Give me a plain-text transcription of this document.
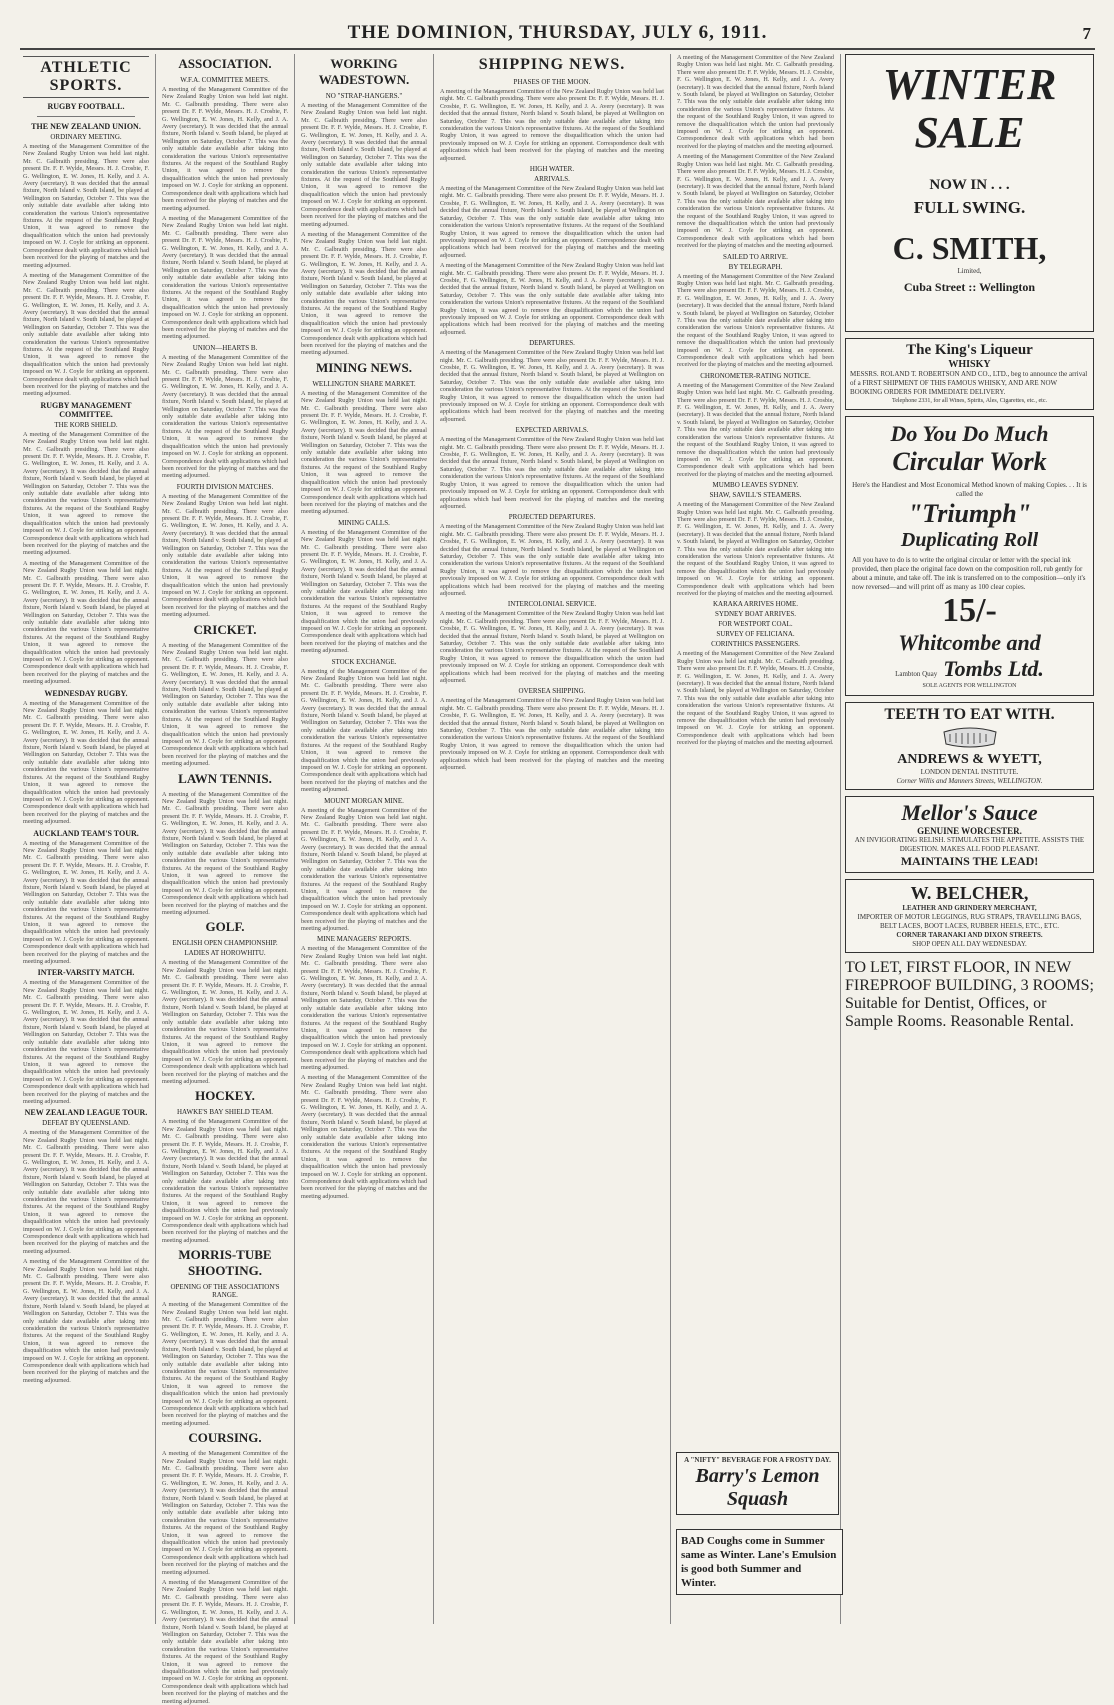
THE DOMINION, THURSDAY, JULY 6, 1911.	7
ATHLETIC SPORTS.
RUGBY FOOTBALL.
THE NEW ZEALAND UNION.
ORDINARY MEETING.

A meeting of the Management Committee of the New Zealand Rugby Union was held last night. Mr. C. Galbraith presiding. There were also present Dr. F. F. Wylde, Messrs. H. J. Crosbie, F. G. Wellington, E. W. Jones, H. Kelly, and J. A. Avery (secretary). It was decided that the annual fixture, North Island v. South Island, be played at Wellington on Saturday, October 7. This was the only suitable date available after taking into consideration the various Union's representative fixtures. At the request of the Southland Rugby Union, it was agreed to remove the disqualification which the union had previously imposed on W. J. Coyle for striking an opponent. Correspondence dealt with applications which had been received for the playing of matches and the meeting adjourned.

A meeting of the Management Committee of the New Zealand Rugby Union was held last night. Mr. C. Galbraith presiding. There were also present Dr. F. F. Wylde, Messrs. H. J. Crosbie, F. G. Wellington, E. W. Jones, H. Kelly, and J. A. Avery (secretary). It was decided that the annual fixture, North Island v. South Island, be played at Wellington on Saturday, October 7. This was the only suitable date available after taking into consideration the various Union's representative fixtures. At the request of the Southland Rugby Union, it was agreed to remove the disqualification which the union had previously imposed on W. J. Coyle for striking an opponent. Correspondence dealt with applications which had been received for the playing of matches and the meeting adjourned.

RUGBY MANAGEMENT COMMITTEE.
THE KORB SHIELD.

A meeting of the Management Committee of the New Zealand Rugby Union was held last night. Mr. C. Galbraith presiding. There were also present Dr. F. F. Wylde, Messrs. H. J. Crosbie, F. G. Wellington, E. W. Jones, H. Kelly, and J. A. Avery (secretary). It was decided that the annual fixture, North Island v. South Island, be played at Wellington on Saturday, October 7. This was the only suitable date available after taking into consideration the various Union's representative fixtures. At the request of the Southland Rugby Union, it was agreed to remove the disqualification which the union had previously imposed on W. J. Coyle for striking an opponent. Correspondence dealt with applications which had been received for the playing of matches and the meeting adjourned.

A meeting of the Management Committee of the New Zealand Rugby Union was held last night. Mr. C. Galbraith presiding. There were also present Dr. F. F. Wylde, Messrs. H. J. Crosbie, F. G. Wellington, E. W. Jones, H. Kelly, and J. A. Avery (secretary). It was decided that the annual fixture, North Island v. South Island, be played at Wellington on Saturday, October 7. This was the only suitable date available after taking into consideration the various Union's representative fixtures. At the request of the Southland Rugby Union, it was agreed to remove the disqualification which the union had previously imposed on W. J. Coyle for striking an opponent. Correspondence dealt with applications which had been received for the playing of matches and the meeting adjourned.

WEDNESDAY RUGBY.

A meeting of the Management Committee of the New Zealand Rugby Union was held last night. Mr. C. Galbraith presiding. There were also present Dr. F. F. Wylde, Messrs. H. J. Crosbie, F. G. Wellington, E. W. Jones, H. Kelly, and J. A. Avery (secretary). It was decided that the annual fixture, North Island v. South Island, be played at Wellington on Saturday, October 7. This was the only suitable date available after taking into consideration the various Union's representative fixtures. At the request of the Southland Rugby Union, it was agreed to remove the disqualification which the union had previously imposed on W. J. Coyle for striking an opponent. Correspondence dealt with applications which had been received for the playing of matches and the meeting adjourned.

AUCKLAND TEAM'S TOUR.

A meeting of the Management Committee of the New Zealand Rugby Union was held last night. Mr. C. Galbraith presiding. There were also present Dr. F. F. Wylde, Messrs. H. J. Crosbie, F. G. Wellington, E. W. Jones, H. Kelly, and J. A. Avery (secretary). It was decided that the annual fixture, North Island v. South Island, be played at Wellington on Saturday, October 7. This was the only suitable date available after taking into consideration the various Union's representative fixtures. At the request of the Southland Rugby Union, it was agreed to remove the disqualification which the union had previously imposed on W. J. Coyle for striking an opponent. Correspondence dealt with applications which had been received for the playing of matches and the meeting adjourned.

INTER-VARSITY MATCH.

A meeting of the Management Committee of the New Zealand Rugby Union was held last night. Mr. C. Galbraith presiding. There were also present Dr. F. F. Wylde, Messrs. H. J. Crosbie, F. G. Wellington, E. W. Jones, H. Kelly, and J. A. Avery (secretary). It was decided that the annual fixture, North Island v. South Island, be played at Wellington on Saturday, October 7. This was the only suitable date available after taking into consideration the various Union's representative fixtures. At the request of the Southland Rugby Union, it was agreed to remove the disqualification which the union had previously imposed on W. J. Coyle for striking an opponent. Correspondence dealt with applications which had been received for the playing of matches and the meeting adjourned.

NEW ZEALAND LEAGUE TOUR.
DEFEAT BY QUEENSLAND.

A meeting of the Management Committee of the New Zealand Rugby Union was held last night. Mr. C. Galbraith presiding. There were also present Dr. F. F. Wylde, Messrs. H. J. Crosbie, F. G. Wellington, E. W. Jones, H. Kelly, and J. A. Avery (secretary). It was decided that the annual fixture, North Island v. South Island, be played at Wellington on Saturday, October 7. This was the only suitable date available after taking into consideration the various Union's representative fixtures. At the request of the Southland Rugby Union, it was agreed to remove the disqualification which the union had previously imposed on W. J. Coyle for striking an opponent. Correspondence dealt with applications which had been received for the playing of matches and the meeting adjourned.

A meeting of the Management Committee of the New Zealand Rugby Union was held last night. Mr. C. Galbraith presiding. There were also present Dr. F. F. Wylde, Messrs. H. J. Crosbie, F. G. Wellington, E. W. Jones, H. Kelly, and J. A. Avery (secretary). It was decided that the annual fixture, North Island v. South Island, be played at Wellington on Saturday, October 7. This was the only suitable date available after taking into consideration the various Union's representative fixtures. At the request of the Southland Rugby Union, it was agreed to remove the disqualification which the union had previously imposed on W. J. Coyle for striking an opponent. Correspondence dealt with applications which had been received for the playing of matches and the meeting adjourned.

ASSOCIATION.
W.F.A. COMMITTEE MEETS.

A meeting of the Management Committee of the New Zealand Rugby Union was held last night. Mr. C. Galbraith presiding. There were also present Dr. F. F. Wylde, Messrs. H. J. Crosbie, F. G. Wellington, E. W. Jones, H. Kelly, and J. A. Avery (secretary). It was decided that the annual fixture, North Island v. South Island, be played at Wellington on Saturday, October 7. This was the only suitable date available after taking into consideration the various Union's representative fixtures. At the request of the Southland Rugby Union, it was agreed to remove the disqualification which the union had previously imposed on W. J. Coyle for striking an opponent. Correspondence dealt with applications which had been received for the playing of matches and the meeting adjourned.

A meeting of the Management Committee of the New Zealand Rugby Union was held last night. Mr. C. Galbraith presiding. There were also present Dr. F. F. Wylde, Messrs. H. J. Crosbie, F. G. Wellington, E. W. Jones, H. Kelly, and J. A. Avery (secretary). It was decided that the annual fixture, North Island v. South Island, be played at Wellington on Saturday, October 7. This was the only suitable date available after taking into consideration the various Union's representative fixtures. At the request of the Southland Rugby Union, it was agreed to remove the disqualification which the union had previously imposed on W. J. Coyle for striking an opponent. Correspondence dealt with applications which had been received for the playing of matches and the meeting adjourned.

UNION—HEARTS B.

A meeting of the Management Committee of the New Zealand Rugby Union was held last night. Mr. C. Galbraith presiding. There were also present Dr. F. F. Wylde, Messrs. H. J. Crosbie, F. G. Wellington, E. W. Jones, H. Kelly, and J. A. Avery (secretary). It was decided that the annual fixture, North Island v. South Island, be played at Wellington on Saturday, October 7. This was the only suitable date available after taking into consideration the various Union's representative fixtures. At the request of the Southland Rugby Union, it was agreed to remove the disqualification which the union had previously imposed on W. J. Coyle for striking an opponent. Correspondence dealt with applications which had been received for the playing of matches and the meeting adjourned.

FOURTH DIVISION MATCHES.

A meeting of the Management Committee of the New Zealand Rugby Union was held last night. Mr. C. Galbraith presiding. There were also present Dr. F. F. Wylde, Messrs. H. J. Crosbie, F. G. Wellington, E. W. Jones, H. Kelly, and J. A. Avery (secretary). It was decided that the annual fixture, North Island v. South Island, be played at Wellington on Saturday, October 7. This was the only suitable date available after taking into consideration the various Union's representative fixtures. At the request of the Southland Rugby Union, it was agreed to remove the disqualification which the union had previously imposed on W. J. Coyle for striking an opponent. Correspondence dealt with applications which had been received for the playing of matches and the meeting adjourned.

CRICKET.

A meeting of the Management Committee of the New Zealand Rugby Union was held last night. Mr. C. Galbraith presiding. There were also present Dr. F. F. Wylde, Messrs. H. J. Crosbie, F. G. Wellington, E. W. Jones, H. Kelly, and J. A. Avery (secretary). It was decided that the annual fixture, North Island v. South Island, be played at Wellington on Saturday, October 7. This was the only suitable date available after taking into consideration the various Union's representative fixtures. At the request of the Southland Rugby Union, it was agreed to remove the disqualification which the union had previously imposed on W. J. Coyle for striking an opponent. Correspondence dealt with applications which had been received for the playing of matches and the meeting adjourned.

LAWN TENNIS.

A meeting of the Management Committee of the New Zealand Rugby Union was held last night. Mr. C. Galbraith presiding. There were also present Dr. F. F. Wylde, Messrs. H. J. Crosbie, F. G. Wellington, E. W. Jones, H. Kelly, and J. A. Avery (secretary). It was decided that the annual fixture, North Island v. South Island, be played at Wellington on Saturday, October 7. This was the only suitable date available after taking into consideration the various Union's representative fixtures. At the request of the Southland Rugby Union, it was agreed to remove the disqualification which the union had previously imposed on W. J. Coyle for striking an opponent. Correspondence dealt with applications which had been received for the playing of matches and the meeting adjourned.

GOLF.
ENGLISH OPEN CHAMPIONSHIP.
LADIES AT HOROWHITU.

A meeting of the Management Committee of the New Zealand Rugby Union was held last night. Mr. C. Galbraith presiding. There were also present Dr. F. F. Wylde, Messrs. H. J. Crosbie, F. G. Wellington, E. W. Jones, H. Kelly, and J. A. Avery (secretary). It was decided that the annual fixture, North Island v. South Island, be played at Wellington on Saturday, October 7. This was the only suitable date available after taking into consideration the various Union's representative fixtures. At the request of the Southland Rugby Union, it was agreed to remove the disqualification which the union had previously imposed on W. J. Coyle for striking an opponent. Correspondence dealt with applications which had been received for the playing of matches and the meeting adjourned.

HOCKEY.
HAWKE'S BAY SHIELD TEAM.

A meeting of the Management Committee of the New Zealand Rugby Union was held last night. Mr. C. Galbraith presiding. There were also present Dr. F. F. Wylde, Messrs. H. J. Crosbie, F. G. Wellington, E. W. Jones, H. Kelly, and J. A. Avery (secretary). It was decided that the annual fixture, North Island v. South Island, be played at Wellington on Saturday, October 7. This was the only suitable date available after taking into consideration the various Union's representative fixtures. At the request of the Southland Rugby Union, it was agreed to remove the disqualification which the union had previously imposed on W. J. Coyle for striking an opponent. Correspondence dealt with applications which had been received for the playing of matches and the meeting adjourned.

MORRIS-TUBE SHOOTING.
OPENING OF THE ASSOCIATION'S RANGE.

A meeting of the Management Committee of the New Zealand Rugby Union was held last night. Mr. C. Galbraith presiding. There were also present Dr. F. F. Wylde, Messrs. H. J. Crosbie, F. G. Wellington, E. W. Jones, H. Kelly, and J. A. Avery (secretary). It was decided that the annual fixture, North Island v. South Island, be played at Wellington on Saturday, October 7. This was the only suitable date available after taking into consideration the various Union's representative fixtures. At the request of the Southland Rugby Union, it was agreed to remove the disqualification which the union had previously imposed on W. J. Coyle for striking an opponent. Correspondence dealt with applications which had been received for the playing of matches and the meeting adjourned.

COURSING.

A meeting of the Management Committee of the New Zealand Rugby Union was held last night. Mr. C. Galbraith presiding. There were also present Dr. F. F. Wylde, Messrs. H. J. Crosbie, F. G. Wellington, E. W. Jones, H. Kelly, and J. A. Avery (secretary). It was decided that the annual fixture, North Island v. South Island, be played at Wellington on Saturday, October 7. This was the only suitable date available after taking into consideration the various Union's representative fixtures. At the request of the Southland Rugby Union, it was agreed to remove the disqualification which the union had previously imposed on W. J. Coyle for striking an opponent. Correspondence dealt with applications which had been received for the playing of matches and the meeting adjourned.

A meeting of the Management Committee of the New Zealand Rugby Union was held last night. Mr. C. Galbraith presiding. There were also present Dr. F. F. Wylde, Messrs. H. J. Crosbie, F. G. Wellington, E. W. Jones, H. Kelly, and J. A. Avery (secretary). It was decided that the annual fixture, North Island v. South Island, be played at Wellington on Saturday, October 7. This was the only suitable date available after taking into consideration the various Union's representative fixtures. At the request of the Southland Rugby Union, it was agreed to remove the disqualification which the union had previously imposed on W. J. Coyle for striking an opponent. Correspondence dealt with applications which had been received for the playing of matches and the meeting adjourned.

WORKING WADESTOWN.
NO "STRAP-HANGERS."

A meeting of the Management Committee of the New Zealand Rugby Union was held last night. Mr. C. Galbraith presiding. There were also present Dr. F. F. Wylde, Messrs. H. J. Crosbie, F. G. Wellington, E. W. Jones, H. Kelly, and J. A. Avery (secretary). It was decided that the annual fixture, North Island v. South Island, be played at Wellington on Saturday, October 7. This was the only suitable date available after taking into consideration the various Union's representative fixtures. At the request of the Southland Rugby Union, it was agreed to remove the disqualification which the union had previously imposed on W. J. Coyle for striking an opponent. Correspondence dealt with applications which had been received for the playing of matches and the meeting adjourned.

A meeting of the Management Committee of the New Zealand Rugby Union was held last night. Mr. C. Galbraith presiding. There were also present Dr. F. F. Wylde, Messrs. H. J. Crosbie, F. G. Wellington, E. W. Jones, H. Kelly, and J. A. Avery (secretary). It was decided that the annual fixture, North Island v. South Island, be played at Wellington on Saturday, October 7. This was the only suitable date available after taking into consideration the various Union's representative fixtures. At the request of the Southland Rugby Union, it was agreed to remove the disqualification which the union had previously imposed on W. J. Coyle for striking an opponent. Correspondence dealt with applications which had been received for the playing of matches and the meeting adjourned.

MINING NEWS.
WELLINGTON SHARE MARKET.

A meeting of the Management Committee of the New Zealand Rugby Union was held last night. Mr. C. Galbraith presiding. There were also present Dr. F. F. Wylde, Messrs. H. J. Crosbie, F. G. Wellington, E. W. Jones, H. Kelly, and J. A. Avery (secretary). It was decided that the annual fixture, North Island v. South Island, be played at Wellington on Saturday, October 7. This was the only suitable date available after taking into consideration the various Union's representative fixtures. At the request of the Southland Rugby Union, it was agreed to remove the disqualification which the union had previously imposed on W. J. Coyle for striking an opponent. Correspondence dealt with applications which had been received for the playing of matches and the meeting adjourned.

MINING CALLS.

A meeting of the Management Committee of the New Zealand Rugby Union was held last night. Mr. C. Galbraith presiding. There were also present Dr. F. F. Wylde, Messrs. H. J. Crosbie, F. G. Wellington, E. W. Jones, H. Kelly, and J. A. Avery (secretary). It was decided that the annual fixture, North Island v. South Island, be played at Wellington on Saturday, October 7. This was the only suitable date available after taking into consideration the various Union's representative fixtures. At the request of the Southland Rugby Union, it was agreed to remove the disqualification which the union had previously imposed on W. J. Coyle for striking an opponent. Correspondence dealt with applications which had been received for the playing of matches and the meeting adjourned.

STOCK EXCHANGE.

A meeting of the Management Committee of the New Zealand Rugby Union was held last night. Mr. C. Galbraith presiding. There were also present Dr. F. F. Wylde, Messrs. H. J. Crosbie, F. G. Wellington, E. W. Jones, H. Kelly, and J. A. Avery (secretary). It was decided that the annual fixture, North Island v. South Island, be played at Wellington on Saturday, October 7. This was the only suitable date available after taking into consideration the various Union's representative fixtures. At the request of the Southland Rugby Union, it was agreed to remove the disqualification which the union had previously imposed on W. J. Coyle for striking an opponent. Correspondence dealt with applications which had been received for the playing of matches and the meeting adjourned.

MOUNT MORGAN MINE.

A meeting of the Management Committee of the New Zealand Rugby Union was held last night. Mr. C. Galbraith presiding. There were also present Dr. F. F. Wylde, Messrs. H. J. Crosbie, F. G. Wellington, E. W. Jones, H. Kelly, and J. A. Avery (secretary). It was decided that the annual fixture, North Island v. South Island, be played at Wellington on Saturday, October 7. This was the only suitable date available after taking into consideration the various Union's representative fixtures. At the request of the Southland Rugby Union, it was agreed to remove the disqualification which the union had previously imposed on W. J. Coyle for striking an opponent. Correspondence dealt with applications which had been received for the playing of matches and the meeting adjourned.

MINE MANAGERS' REPORTS.

A meeting of the Management Committee of the New Zealand Rugby Union was held last night. Mr. C. Galbraith presiding. There were also present Dr. F. F. Wylde, Messrs. H. J. Crosbie, F. G. Wellington, E. W. Jones, H. Kelly, and J. A. Avery (secretary). It was decided that the annual fixture, North Island v. South Island, be played at Wellington on Saturday, October 7. This was the only suitable date available after taking into consideration the various Union's representative fixtures. At the request of the Southland Rugby Union, it was agreed to remove the disqualification which the union had previously imposed on W. J. Coyle for striking an opponent. Correspondence dealt with applications which had been received for the playing of matches and the meeting adjourned.

A meeting of the Management Committee of the New Zealand Rugby Union was held last night. Mr. C. Galbraith presiding. There were also present Dr. F. F. Wylde, Messrs. H. J. Crosbie, F. G. Wellington, E. W. Jones, H. Kelly, and J. A. Avery (secretary). It was decided that the annual fixture, North Island v. South Island, be played at Wellington on Saturday, October 7. This was the only suitable date available after taking into consideration the various Union's representative fixtures. At the request of the Southland Rugby Union, it was agreed to remove the disqualification which the union had previously imposed on W. J. Coyle for striking an opponent. Correspondence dealt with applications which had been received for the playing of matches and the meeting adjourned.

SHIPPING NEWS.
PHASES OF THE MOON.

A meeting of the Management Committee of the New Zealand Rugby Union was held last night. Mr. C. Galbraith presiding. There were also present Dr. F. F. Wylde, Messrs. H. J. Crosbie, F. G. Wellington, E. W. Jones, H. Kelly, and J. A. Avery (secretary). It was decided that the annual fixture, North Island v. South Island, be played at Wellington on Saturday, October 7. This was the only suitable date available after taking into consideration the various Union's representative fixtures. At the request of the Southland Rugby Union, it was agreed to remove the disqualification which the union had previously imposed on W. J. Coyle for striking an opponent. Correspondence dealt with applications which had been received for the playing of matches and the meeting adjourned.

HIGH WATER.
ARRIVALS.

A meeting of the Management Committee of the New Zealand Rugby Union was held last night. Mr. C. Galbraith presiding. There were also present Dr. F. F. Wylde, Messrs. H. J. Crosbie, F. G. Wellington, E. W. Jones, H. Kelly, and J. A. Avery (secretary). It was decided that the annual fixture, North Island v. South Island, be played at Wellington on Saturday, October 7. This was the only suitable date available after taking into consideration the various Union's representative fixtures. At the request of the Southland Rugby Union, it was agreed to remove the disqualification which the union had previously imposed on W. J. Coyle for striking an opponent. Correspondence dealt with applications which had been received for the playing of matches and the meeting adjourned.

A meeting of the Management Committee of the New Zealand Rugby Union was held last night. Mr. C. Galbraith presiding. There were also present Dr. F. F. Wylde, Messrs. H. J. Crosbie, F. G. Wellington, E. W. Jones, H. Kelly, and J. A. Avery (secretary). It was decided that the annual fixture, North Island v. South Island, be played at Wellington on Saturday, October 7. This was the only suitable date available after taking into consideration the various Union's representative fixtures. At the request of the Southland Rugby Union, it was agreed to remove the disqualification which the union had previously imposed on W. J. Coyle for striking an opponent. Correspondence dealt with applications which had been received for the playing of matches and the meeting adjourned.

DEPARTURES.

A meeting of the Management Committee of the New Zealand Rugby Union was held last night. Mr. C. Galbraith presiding. There were also present Dr. F. F. Wylde, Messrs. H. J. Crosbie, F. G. Wellington, E. W. Jones, H. Kelly, and J. A. Avery (secretary). It was decided that the annual fixture, North Island v. South Island, be played at Wellington on Saturday, October 7. This was the only suitable date available after taking into consideration the various Union's representative fixtures. At the request of the Southland Rugby Union, it was agreed to remove the disqualification which the union had previously imposed on W. J. Coyle for striking an opponent. Correspondence dealt with applications which had been received for the playing of matches and the meeting adjourned.

EXPECTED ARRIVALS.

A meeting of the Management Committee of the New Zealand Rugby Union was held last night. Mr. C. Galbraith presiding. There were also present Dr. F. F. Wylde, Messrs. H. J. Crosbie, F. G. Wellington, E. W. Jones, H. Kelly, and J. A. Avery (secretary). It was decided that the annual fixture, North Island v. South Island, be played at Wellington on Saturday, October 7. This was the only suitable date available after taking into consideration the various Union's representative fixtures. At the request of the Southland Rugby Union, it was agreed to remove the disqualification which the union had previously imposed on W. J. Coyle for striking an opponent. Correspondence dealt with applications which had been received for the playing of matches and the meeting adjourned.

PROJECTED DEPARTURES.

A meeting of the Management Committee of the New Zealand Rugby Union was held last night. Mr. C. Galbraith presiding. There were also present Dr. F. F. Wylde, Messrs. H. J. Crosbie, F. G. Wellington, E. W. Jones, H. Kelly, and J. A. Avery (secretary). It was decided that the annual fixture, North Island v. South Island, be played at Wellington on Saturday, October 7. This was the only suitable date available after taking into consideration the various Union's representative fixtures. At the request of the Southland Rugby Union, it was agreed to remove the disqualification which the union had previously imposed on W. J. Coyle for striking an opponent. Correspondence dealt with applications which had been received for the playing of matches and the meeting adjourned.

INTERCOLONIAL SERVICE.

A meeting of the Management Committee of the New Zealand Rugby Union was held last night. Mr. C. Galbraith presiding. There were also present Dr. F. F. Wylde, Messrs. H. J. Crosbie, F. G. Wellington, E. W. Jones, H. Kelly, and J. A. Avery (secretary). It was decided that the annual fixture, North Island v. South Island, be played at Wellington on Saturday, October 7. This was the only suitable date available after taking into consideration the various Union's representative fixtures. At the request of the Southland Rugby Union, it was agreed to remove the disqualification which the union had previously imposed on W. J. Coyle for striking an opponent. Correspondence dealt with applications which had been received for the playing of matches and the meeting adjourned.

OVERSEA SHIPPING.

A meeting of the Management Committee of the New Zealand Rugby Union was held last night. Mr. C. Galbraith presiding. There were also present Dr. F. F. Wylde, Messrs. H. J. Crosbie, F. G. Wellington, E. W. Jones, H. Kelly, and J. A. Avery (secretary). It was decided that the annual fixture, North Island v. South Island, be played at Wellington on Saturday, October 7. This was the only suitable date available after taking into consideration the various Union's representative fixtures. At the request of the Southland Rugby Union, it was agreed to remove the disqualification which the union had previously imposed on W. J. Coyle for striking an opponent. Correspondence dealt with applications which had been received for the playing of matches and the meeting adjourned.

A meeting of the Management Committee of the New Zealand Rugby Union was held last night. Mr. C. Galbraith presiding. There were also present Dr. F. F. Wylde, Messrs. H. J. Crosbie, F. G. Wellington, E. W. Jones, H. Kelly, and J. A. Avery (secretary). It was decided that the annual fixture, North Island v. South Island, be played at Wellington on Saturday, October 7. This was the only suitable date available after taking into consideration the various Union's representative fixtures. At the request of the Southland Rugby Union, it was agreed to remove the disqualification which the union had previously imposed on W. J. Coyle for striking an opponent. Correspondence dealt with applications which had been received for the playing of matches and the meeting adjourned.

A meeting of the Management Committee of the New Zealand Rugby Union was held last night. Mr. C. Galbraith presiding. There were also present Dr. F. F. Wylde, Messrs. H. J. Crosbie, F. G. Wellington, E. W. Jones, H. Kelly, and J. A. Avery (secretary). It was decided that the annual fixture, North Island v. South Island, be played at Wellington on Saturday, October 7. This was the only suitable date available after taking into consideration the various Union's representative fixtures. At the request of the Southland Rugby Union, it was agreed to remove the disqualification which the union had previously imposed on W. J. Coyle for striking an opponent. Correspondence dealt with applications which had been received for the playing of matches and the meeting adjourned.

SAILED TO ARRIVE.
BY TELEGRAPH.

A meeting of the Management Committee of the New Zealand Rugby Union was held last night. Mr. C. Galbraith presiding. There were also present Dr. F. F. Wylde, Messrs. H. J. Crosbie, F. G. Wellington, E. W. Jones, H. Kelly, and J. A. Avery (secretary). It was decided that the annual fixture, North Island v. South Island, be played at Wellington on Saturday, October 7. This was the only suitable date available after taking into consideration the various Union's representative fixtures. At the request of the Southland Rugby Union, it was agreed to remove the disqualification which the union had previously imposed on W. J. Coyle for striking an opponent. Correspondence dealt with applications which had been received for the playing of matches and the meeting adjourned.

CHRONOMETER-RATING NOTICE.

A meeting of the Management Committee of the New Zealand Rugby Union was held last night. Mr. C. Galbraith presiding. There were also present Dr. F. F. Wylde, Messrs. H. J. Crosbie, F. G. Wellington, E. W. Jones, H. Kelly, and J. A. Avery (secretary). It was decided that the annual fixture, North Island v. South Island, be played at Wellington on Saturday, October 7. This was the only suitable date available after taking into consideration the various Union's representative fixtures. At the request of the Southland Rugby Union, it was agreed to remove the disqualification which the union had previously imposed on W. J. Coyle for striking an opponent. Correspondence dealt with applications which had been received for the playing of matches and the meeting adjourned.

MUMBO LEAVES SYDNEY.
SHAW, SAVILL'S STEAMERS.

A meeting of the Management Committee of the New Zealand Rugby Union was held last night. Mr. C. Galbraith presiding. There were also present Dr. F. F. Wylde, Messrs. H. J. Crosbie, F. G. Wellington, E. W. Jones, H. Kelly, and J. A. Avery (secretary). It was decided that the annual fixture, North Island v. South Island, be played at Wellington on Saturday, October 7. This was the only suitable date available after taking into consideration the various Union's representative fixtures. At the request of the Southland Rugby Union, it was agreed to remove the disqualification which the union had previously imposed on W. J. Coyle for striking an opponent. Correspondence dealt with applications which had been received for the playing of matches and the meeting adjourned.

KARAKA ARRIVES HOME.
SYDNEY BOAT ARRIVES.
FOR WESTPORT COAL.
SURVEY OF FELICIANA.
CORINTHICS PASSENGERS.

A meeting of the Management Committee of the New Zealand Rugby Union was held last night. Mr. C. Galbraith presiding. There were also present Dr. F. F. Wylde, Messrs. H. J. Crosbie, F. G. Wellington, E. W. Jones, H. Kelly, and J. A. Avery (secretary). It was decided that the annual fixture, North Island v. South Island, be played at Wellington on Saturday, October 7. This was the only suitable date available after taking into consideration the various Union's representative fixtures. At the request of the Southland Rugby Union, it was agreed to remove the disqualification which the union had previously imposed on W. J. Coyle for striking an opponent. Correspondence dealt with applications which had been received for the playing of matches and the meeting adjourned.

A "NIFTY" BEVERAGE FOR A FROSTY DAY.
Barry's Lemon Squash
BAD Coughs come in Summer same as Winter. Lane's Emulsion is good both Summer and Winter.
WINTER
SALE
NOW IN . . .
FULL SWING.
C. SMITH,
Limited,
Cuba Street :: Wellington
The King's Liqueur
WHISKY
MESSRS. ROLAND T. ROBERTSON AND CO., LTD., beg to announce the arrival of a FIRST SHIPMENT OF THIS FAMOUS WHISKY, AND ARE NOW BOOKING ORDERS FOR IMMEDIATE DELIVERY.
Telephone 2331, for all Wines, Spirits, Ales, Cigarettes, etc., etc.
Do You Do Much
Circular Work
Here's the Handiest and Most Economical Method known of making Copies. . . It is called the
"Triumph"
Duplicating Roll
All you have to do is to write the original circular or letter with the special ink provided, then place the original face down on the composition roll, rub gently for about a minute, and take off. The ink is transferred on to the composition—only it's now reversed—and will print off as many as 100 clear copies.
15/-
Whitcombe and
Lambton Quay Tombs Ltd.
SOLE AGENTS FOR WELLINGTON
TEETH TO EAT WITH.
ANDREWS & WYETT,
LONDON DENTAL INSTITUTE.
Corner Willis and Manners Streets, WELLINGTON.
Mellor's Sauce
GENUINE WORCESTER.
AN INVIGORATING RELISH. STIMULATES THE APPETITE. ASSISTS THE DIGESTION. MAKES ALL FOOD PLEASANT.
MAINTAINS THE LEAD!
W. BELCHER,
LEATHER AND GRINDERY MERCHANT,
IMPORTER OF MOTOR LEGGINGS, RUG STRAPS, TRAVELLING BAGS, BELT LACES, BOOT LACES, RUBBER HEELS, ETC., ETC.
CORNER TARANAKI AND DIXON STREETS.
SHOP OPEN ALL DAY WEDNESDAY.
TO LET, FIRST FLOOR, IN NEW FIREPROOF BUILDING, 3 ROOMS; Suitable for Dentist, Offices, or Sample Rooms. Reasonable Rental.
